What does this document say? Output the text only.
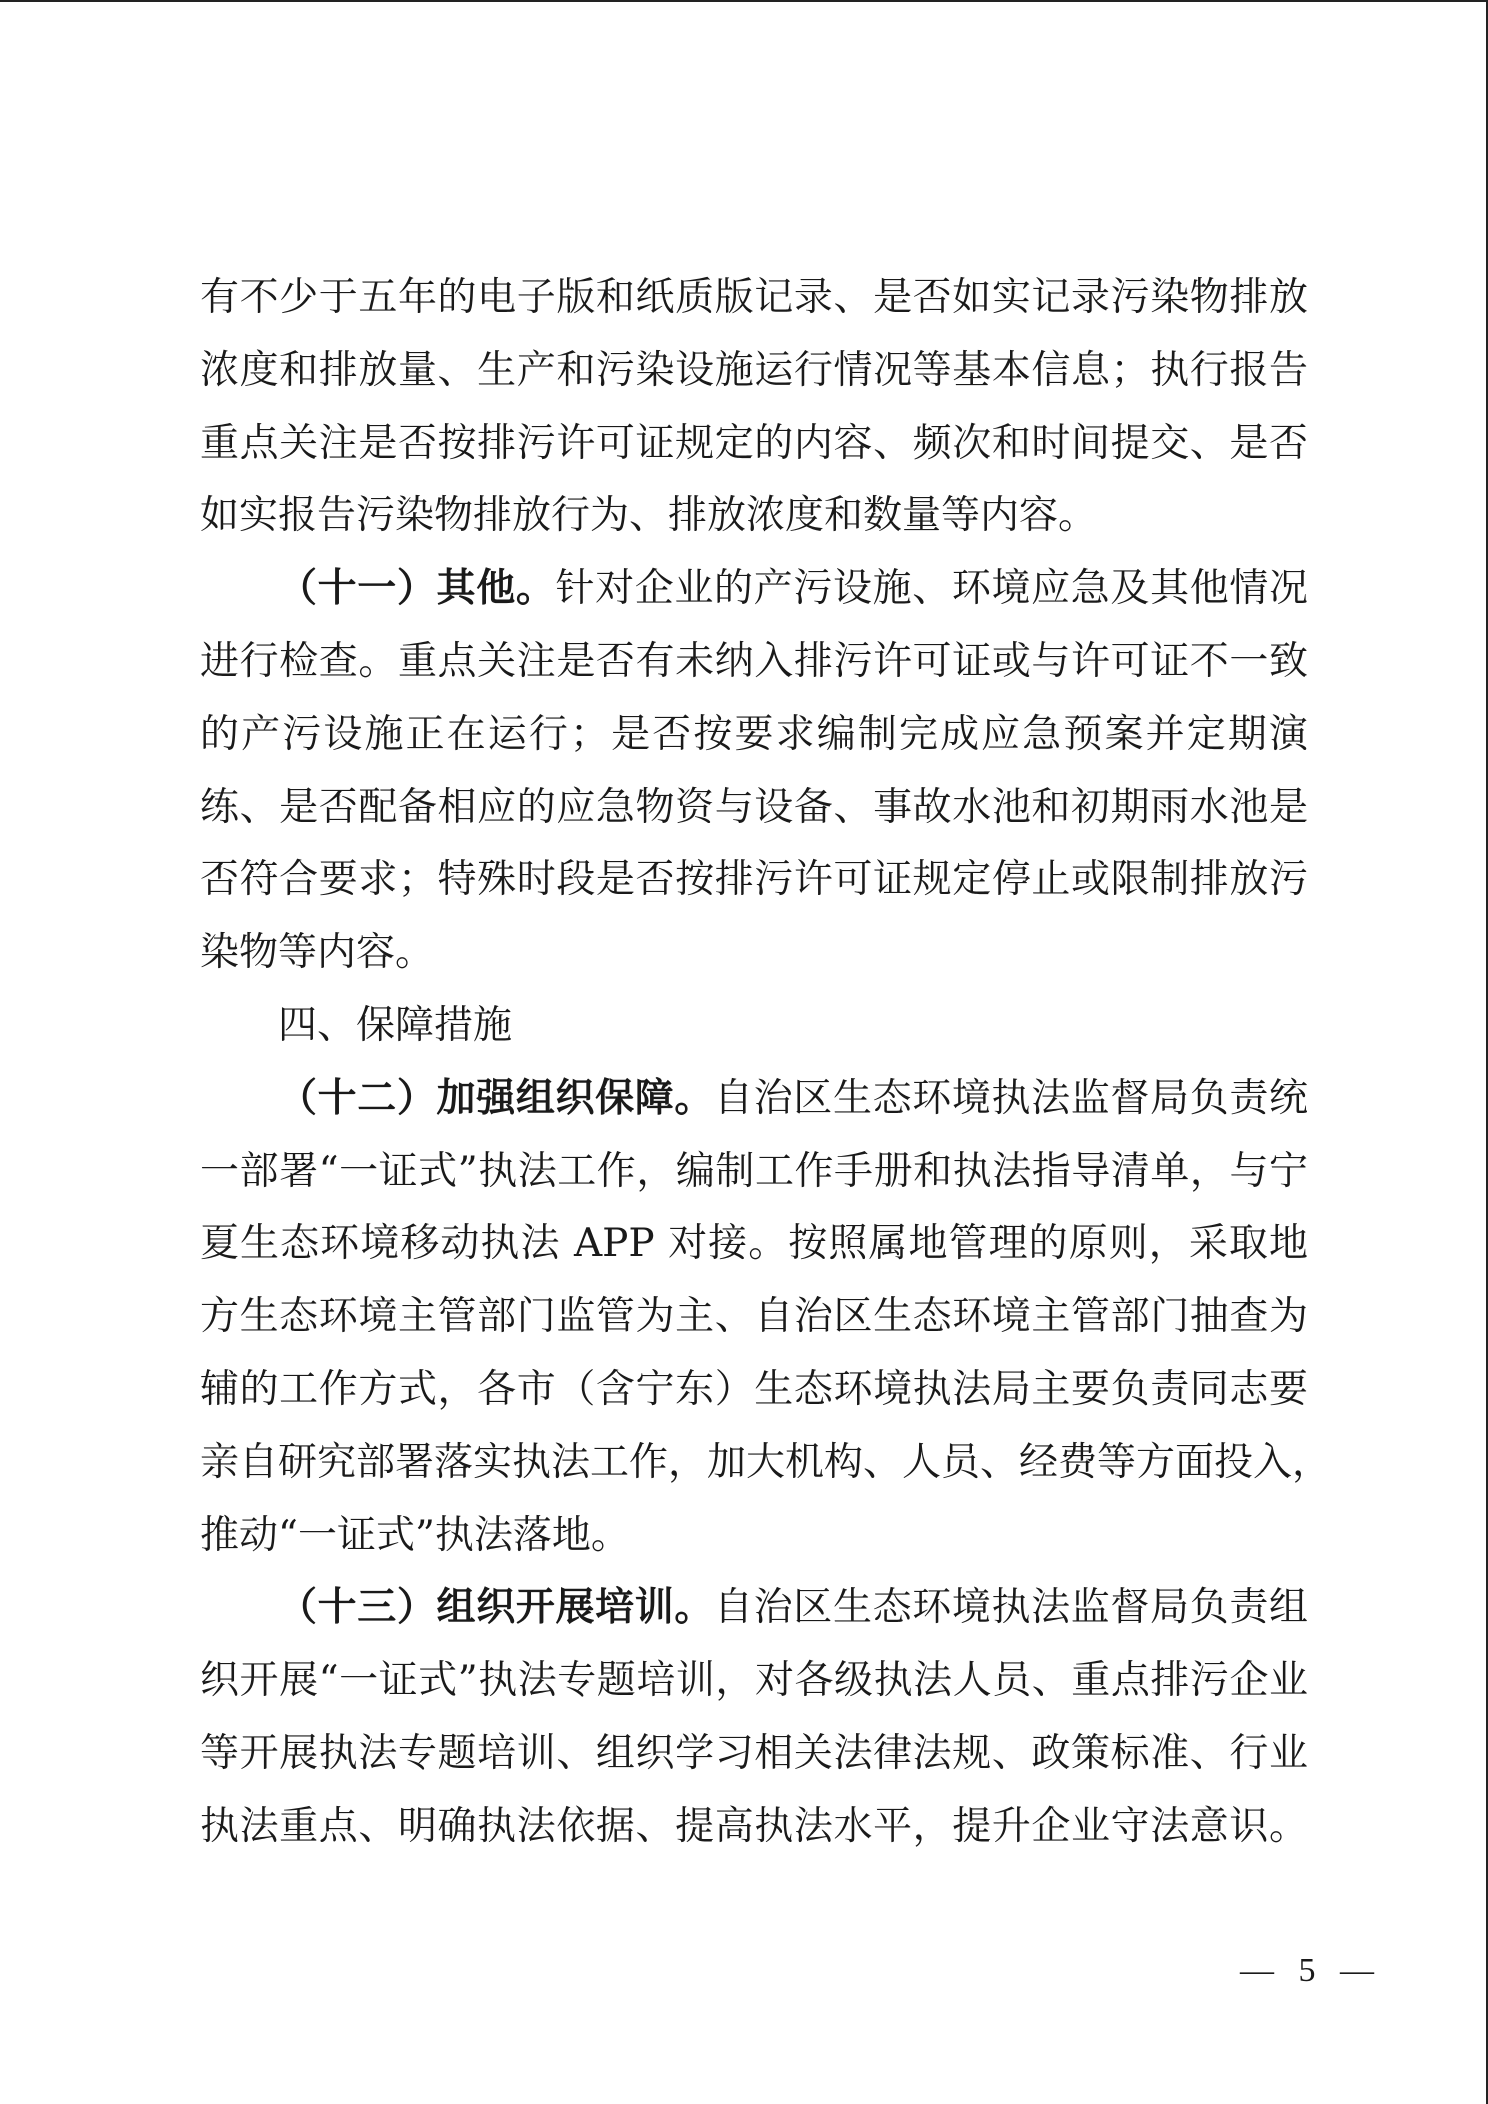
有不少于五年的电子版和纸质版记录、是否如实记录污染物排放
浓度和排放量、生产和污染设施运行情况等基本信息；执行报告
重点关注是否按排污许可证规定的内容、频次和时间提交、是否
如实报告污染物排放行为、排放浓度和数量等内容。
（十一）其他。针对企业的产污设施、环境应急及其他情况
进行检查。重点关注是否有未纳入排污许可证或与许可证不一致
的产污设施正在运行；是否按要求编制完成应急预案并定期演
练、是否配备相应的应急物资与设备、事故水池和初期雨水池是
否符合要求；特殊时段是否按排污许可证规定停止或限制排放污
染物等内容。
四、保障措施
（十二）加强组织保障。自治区生态环境执法监督局负责统
一部署“一证式”执法工作，编制工作手册和执法指导清单，与宁
夏生态环境移动执法 APP 对接。按照属地管理的原则，采取地
方生态环境主管部门监管为主、自治区生态环境主管部门抽查为
辅的工作方式，各市（含宁东）生态环境执法局主要负责同志要
亲自研究部署落实执法工作，加大机构、人员、经费等方面投入，
推动“一证式”执法落地。
（十三）组织开展培训。自治区生态环境执法监督局负责组
织开展“一证式”执法专题培训，对各级执法人员、重点排污企业
等开展执法专题培训、组织学习相关法律法规、政策标准、行业
执法重点、明确执法依据、提高执法水平，提升企业守法意识。
— 5 —
